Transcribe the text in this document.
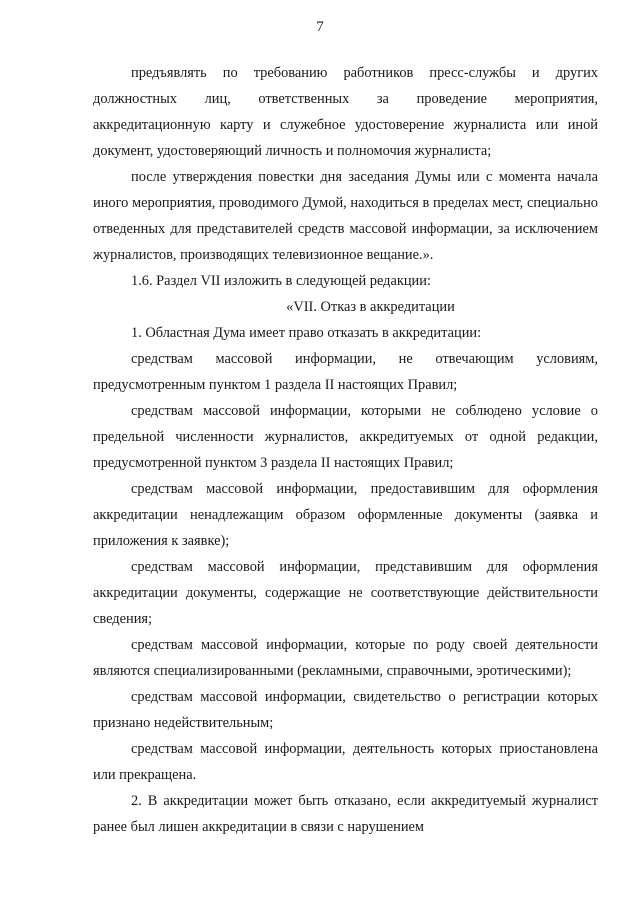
7

предъявлять по требованию работников пресс-службы и других должностных лиц, ответственных за проведение мероприятия, аккредитационную карту и служебное удостоверение журналиста или иной документ, удостоверяющий личность и полномочия журналиста;

после утверждения повестки дня заседания Думы или с момента начала иного мероприятия, проводимого Думой, находиться в пределах мест, специально отведенных для представителей средств массовой информации, за исключением журналистов, производящих телевизионное вещание.».

1.6. Раздел VII изложить в следующей редакции:

«VII. Отказ в аккредитации

1. Областная Дума имеет право отказать в аккредитации:

средствам массовой информации, не отвечающим условиям, предусмотренным пунктом 1 раздела II настоящих Правил;

средствам массовой информации, которыми не соблюдено условие о предельной численности журналистов, аккредитуемых от одной редакции, предусмотренной пунктом 3 раздела II настоящих Правил;

средствам массовой информации, предоставившим для оформления аккредитации ненадлежащим образом оформленные документы (заявка и приложения к заявке);

средствам массовой информации, представившим для оформления аккредитации документы, содержащие не соответствующие действительности сведения;

средствам массовой информации, которые по роду своей деятельности являются специализированными (рекламными, справочными, эротическими);

средствам массовой информации, свидетельство о регистрации которых признано недействительным;

средствам массовой информации, деятельность которых приостановлена или прекращена.

2. В аккредитации может быть отказано, если аккредитуемый журналист ранее был лишен аккредитации в связи с нарушением
